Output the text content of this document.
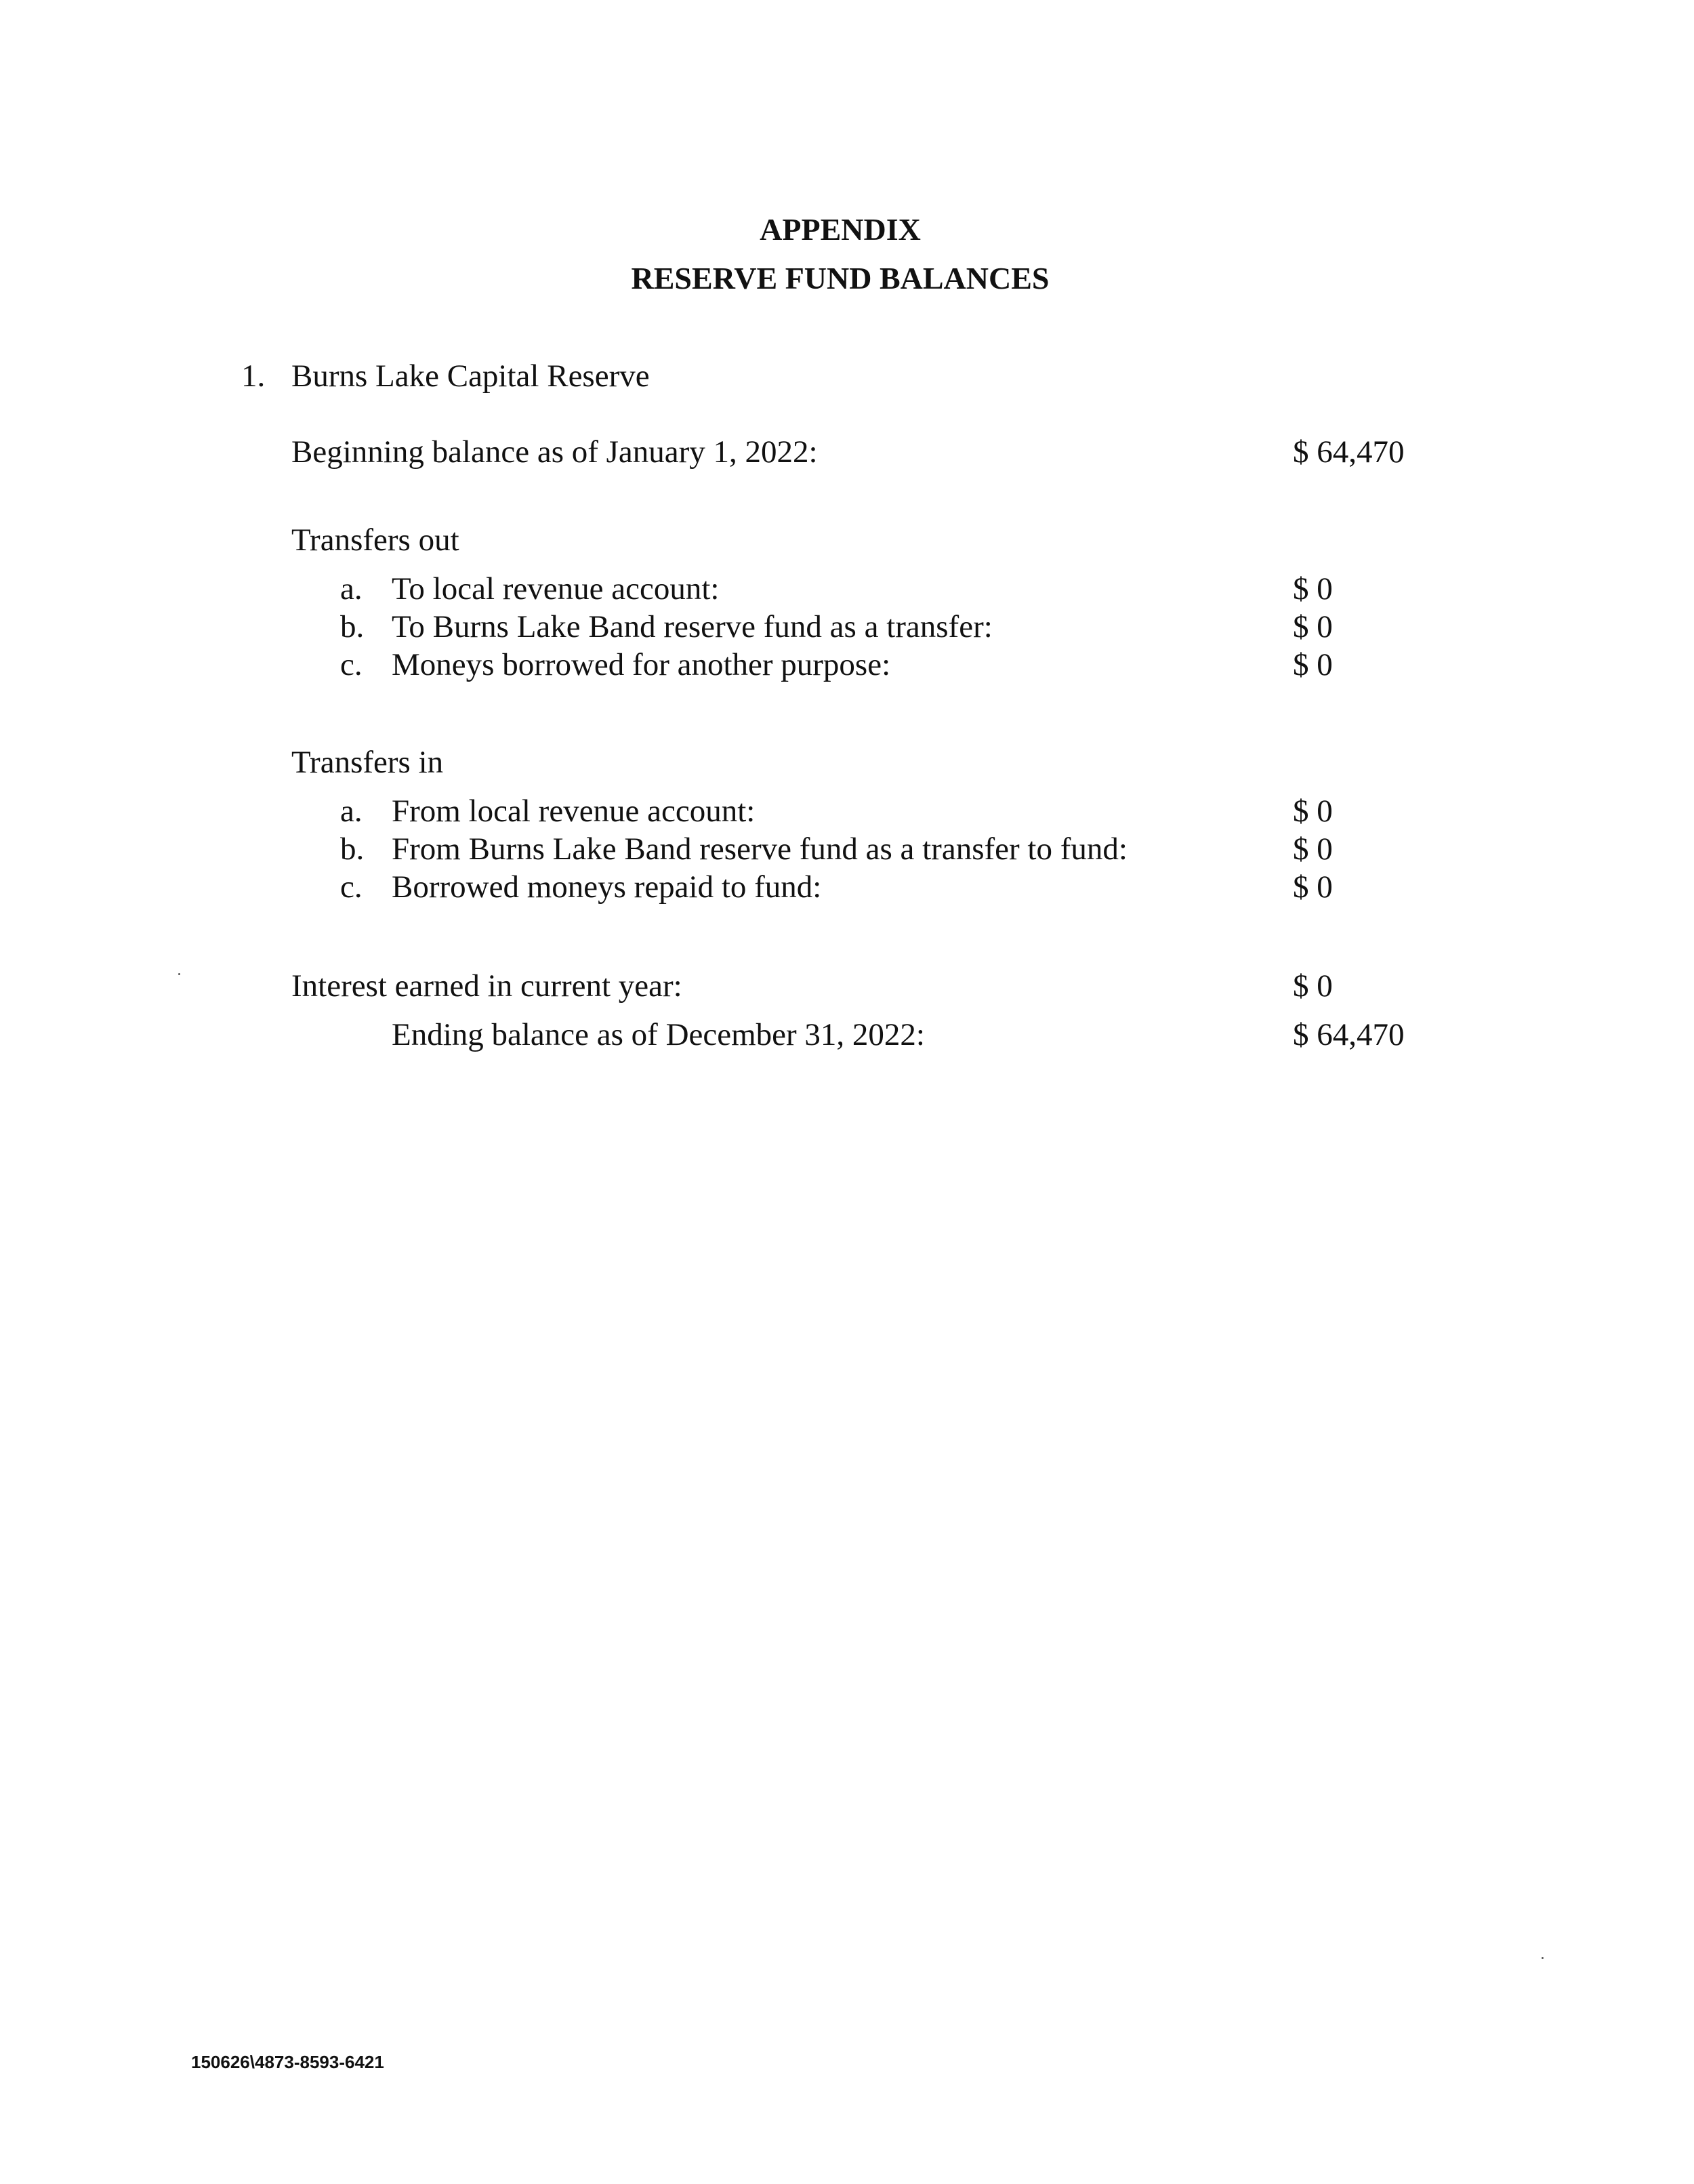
APPENDIX
RESERVE FUND BALANCES
1. Burns Lake Capital Reserve
Beginning balance as of January 1, 2022:	$ 64,470
Transfers out
a. To local revenue account:	$ 0
b. To Burns Lake Band reserve fund as a transfer:	$ 0
c. Moneys borrowed for another purpose:	$ 0
Transfers in
a. From local revenue account:	$ 0
b. From Burns Lake Band reserve fund as a transfer to fund:	$ 0
c. Borrowed moneys repaid to fund:	$ 0
Interest earned in current year:	$ 0
Ending balance as of December 31, 2022:	$ 64,470
150626\4873-8593-6421
